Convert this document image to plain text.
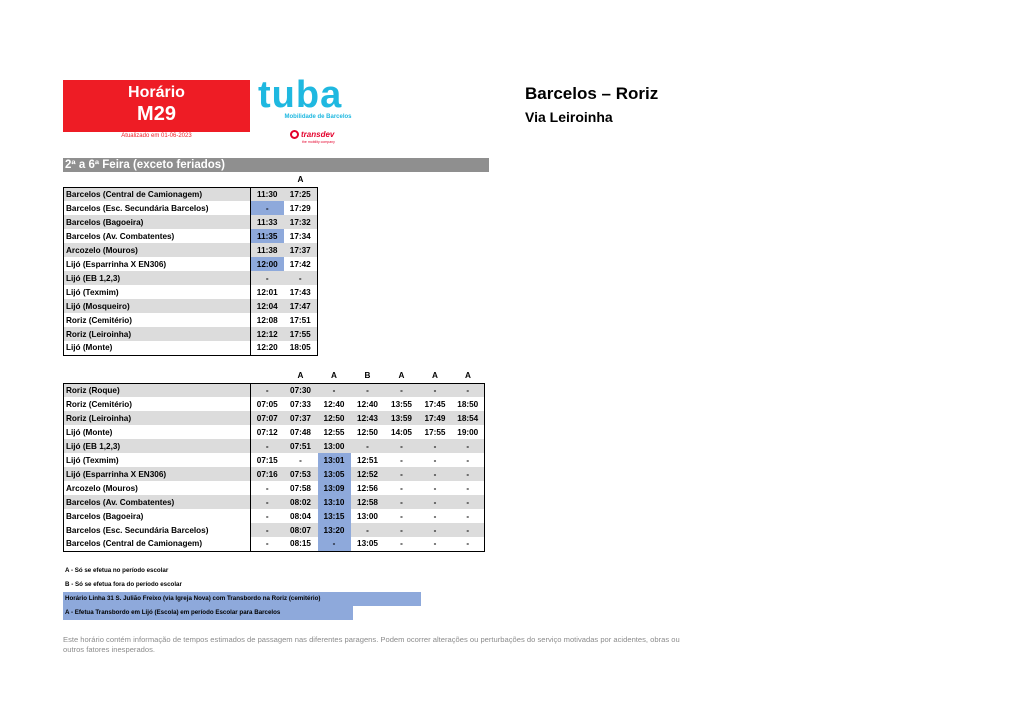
Horário
M29
Atualizado em 01-06-2023
tuba
Mobilidade de Barcelos
transdev
the mobility company
Barcelos – Roriz
Via Leiroinha
2ª a 6ª Feira (exceto feriados)
		A
Barcelos (Central de Camionagem)	11:30	17:25
Barcelos (Esc. Secundária Barcelos)	-	17:29
Barcelos (Bagoeira)	11:33	17:32
Barcelos (Av. Combatentes)	11:35	17:34
Arcozelo (Mouros)	11:38	17:37
Lijó (Esparrinha X EN306)	12:00	17:42
Lijó (EB 1,2,3)	-	-
Lijó (Texmim)	12:01	17:43
Lijó (Mosqueiro)	12:04	17:47
Roriz (Cemitério)	12:08	17:51
Roriz (Leiroinha)	12:12	17:55
Lijó (Monte)	12:20	18:05
		A	A	B	A	A	A
Roriz (Roque)	-	07:30	-	-	-	-	-
Roriz (Cemitério)	07:05	07:33	12:40	12:40	13:55	17:45	18:50
Roriz (Leiroinha)	07:07	07:37	12:50	12:43	13:59	17:49	18:54
Lijó (Monte)	07:12	07:48	12:55	12:50	14:05	17:55	19:00
Lijó (EB 1,2,3)	-	07:51	13:00	-	-	-	-
Lijó (Texmim)	07:15	-	13:01	12:51	-	-	-
Lijó (Esparrinha X EN306)	07:16	07:53	13:05	12:52	-	-	-
Arcozelo (Mouros)	-	07:58	13:09	12:56	-	-	-
Barcelos (Av. Combatentes)	-	08:02	13:10	12:58	-	-	-
Barcelos (Bagoeira)	-	08:04	13:15	13:00	-	-	-
Barcelos (Esc. Secundária Barcelos)	-	08:07	13:20	-	-	-	-
Barcelos (Central de Camionagem)	-	08:15	-	13:05	-	-	-
A - Só se efetua no período escolar
B - Só se efetua fora do período escolar
Horário Linha 31 S. Julião Freixo (via Igreja Nova) com Transbordo na Roriz (cemitério)
A - Efetua Transbordo em Lijó (Escola) em período Escolar para Barcelos
Este horário contém informação de tempos estimados de passagem nas diferentes paragens. Podem ocorrer alterações ou perturbações do serviço motivadas por acidentes, obras ou outros fatores inesperados.
